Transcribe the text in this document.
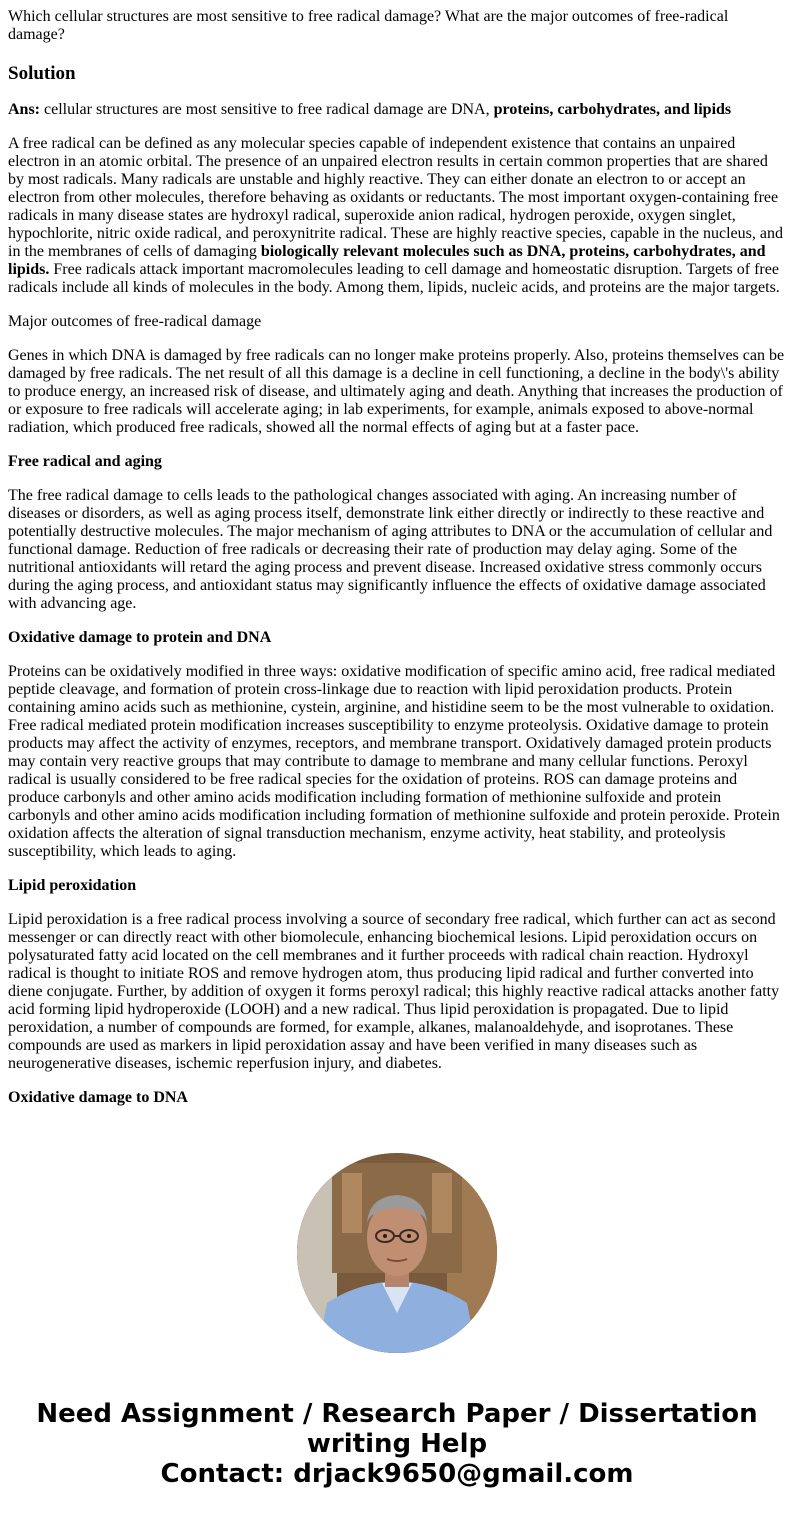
Which cellular structures are most sensitive to free radical damage? What are the major outcomes of free-radical damage?

Solution

Ans: cellular structures are most sensitive to free radical damage are DNA, proteins, carbohydrates, and lipids

A free radical can be defined as any molecular species capable of independent existence that contains an unpaired electron in an atomic orbital. The presence of an unpaired electron results in certain common properties that are shared by most radicals. Many radicals are unstable and highly reactive. They can either donate an electron to or accept an electron from other molecules, therefore behaving as oxidants or reductants. The most important oxygen-containing free radicals in many disease states are hydroxyl radical, superoxide anion radical, hydrogen peroxide, oxygen singlet, hypochlorite, nitric oxide radical, and peroxynitrite radical. These are highly reactive species, capable in the nucleus, and in the membranes of cells of damaging biologically relevant molecules such as DNA, proteins, carbohydrates, and lipids. Free radicals attack important macromolecules leading to cell damage and homeostatic disruption. Targets of free radicals include all kinds of molecules in the body. Among them, lipids, nucleic acids, and proteins are the major targets.

Major outcomes of free-radical damage

Genes in which DNA is damaged by free radicals can no longer make proteins properly. Also, proteins themselves can be damaged by free radicals. The net result of all this damage is a decline in cell functioning, a decline in the body\'s ability to produce energy, an increased risk of disease, and ultimately aging and death. Anything that increases the production of or exposure to free radicals will accelerate aging; in lab experiments, for example, animals exposed to above-normal radiation, which produced free radicals, showed all the normal effects of aging but at a faster pace.

Free radical and aging

The free radical damage to cells leads to the pathological changes associated with aging. An increasing number of diseases or disorders, as well as aging process itself, demonstrate link either directly or indirectly to these reactive and potentially destructive molecules. The major mechanism of aging attributes to DNA or the accumulation of cellular and functional damage. Reduction of free radicals or decreasing their rate of production may delay aging. Some of the nutritional antioxidants will retard the aging process and prevent disease. Increased oxidative stress commonly occurs during the aging process, and antioxidant status may significantly influence the effects of oxidative damage associated with advancing age.

Oxidative damage to protein and DNA

Proteins can be oxidatively modified in three ways: oxidative modification of specific amino acid, free radical mediated peptide cleavage, and formation of protein cross-linkage due to reaction with lipid peroxidation products. Protein containing amino acids such as methionine, cystein, arginine, and histidine seem to be the most vulnerable to oxidation. Free radical mediated protein modification increases susceptibility to enzyme proteolysis. Oxidative damage to protein products may affect the activity of enzymes, receptors, and membrane transport. Oxidatively damaged protein products may contain very reactive groups that may contribute to damage to membrane and many cellular functions. Peroxyl radical is usually considered to be free radical species for the oxidation of proteins. ROS can damage proteins and produce carbonyls and other amino acids modification including formation of methionine sulfoxide and protein carbonyls and other amino acids modification including formation of methionine sulfoxide and protein peroxide. Protein oxidation affects the alteration of signal transduction mechanism, enzyme activity, heat stability, and proteolysis susceptibility, which leads to aging.

Lipid peroxidation

Lipid peroxidation is a free radical process involving a source of secondary free radical, which further can act as second messenger or can directly react with other biomolecule, enhancing biochemical lesions. Lipid peroxidation occurs on polysaturated fatty acid located on the cell membranes and it further proceeds with radical chain reaction. Hydroxyl radical is thought to initiate ROS and remove hydrogen atom, thus producing lipid radical and further converted into diene conjugate. Further, by addition of oxygen it forms peroxyl radical; this highly reactive radical attacks another fatty acid forming lipid hydroperoxide (LOOH) and a new radical. Thus lipid peroxidation is propagated. Due to lipid peroxidation, a number of compounds are formed, for example, alkanes, malanoaldehyde, and isoprotanes. These compounds are used as markers in lipid peroxidation assay and have been verified in many diseases such as neurogenerative diseases, ischemic reperfusion injury, and diabetes.

Oxidative damage to DNA

Need Assignment / Research Paper / Dissertation writing Help
Contact: drjack9650@gmail.com
